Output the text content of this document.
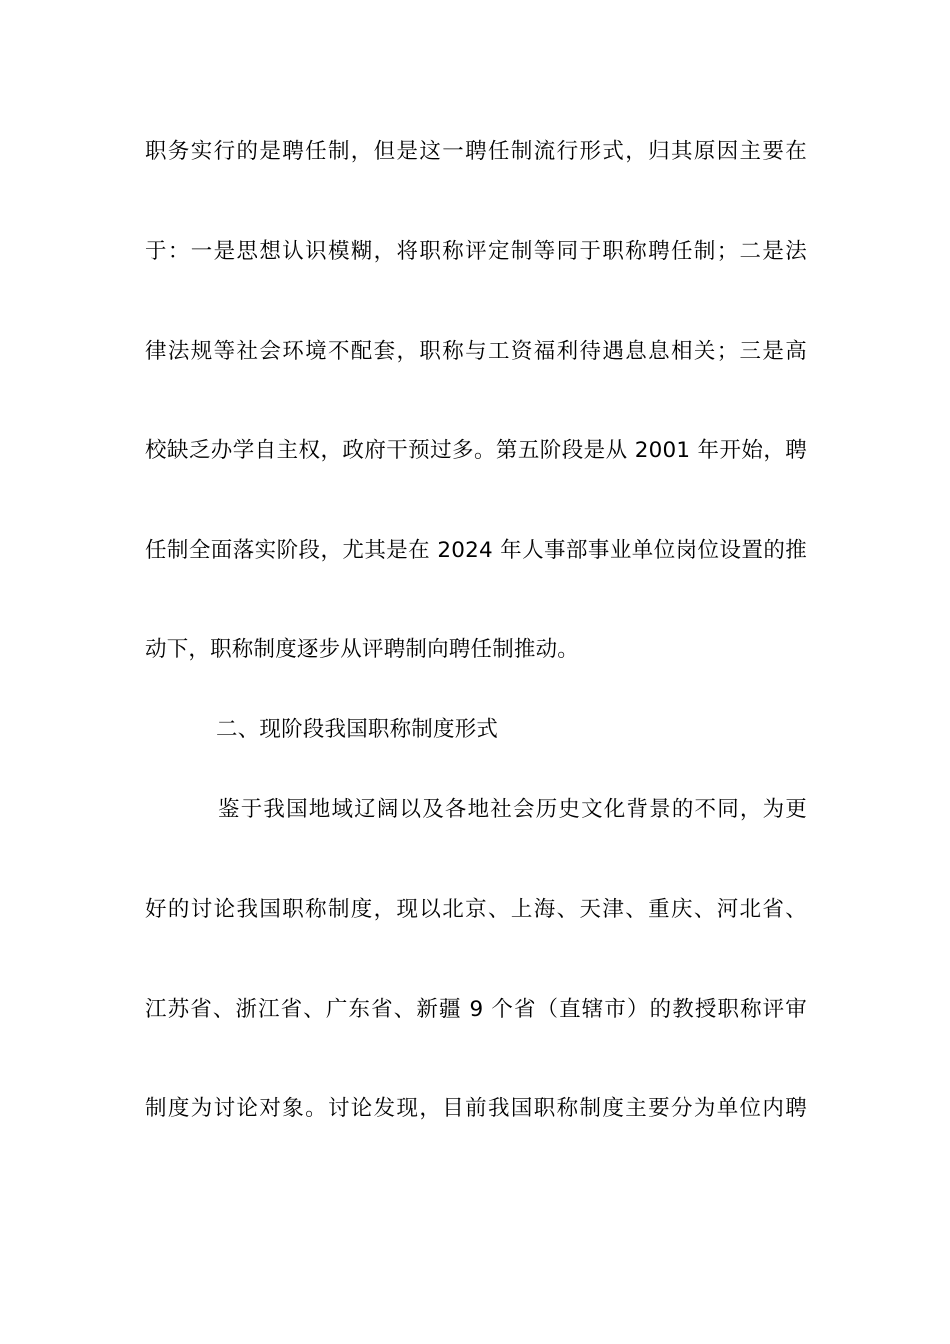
职务实行的是聘任制，但是这一聘任制流行形式，归其原因主要在
于：一是思想认识模糊，将职称评定制等同于职称聘任制；二是法
律法规等社会环境不配套，职称与工资福利待遇息息相关；三是高
校缺乏办学自主权，政府干预过多。第五阶段是从 2001 年开始，聘
任制全面落实阶段，尤其是在 2024 年人事部事业单位岗位设置的推
动下，职称制度逐步从评聘制向聘任制推动。
二、现阶段我国职称制度形式
鉴于我国地域辽阔以及各地社会历史文化背景的不同，为更
好的讨论我国职称制度，现以北京、上海、天津、重庆、河北省、
江苏省、浙江省、广东省、新疆 9 个省（直辖市）的教授职称评审
制度为讨论对象。讨论发现，目前我国职称制度主要分为单位内聘
